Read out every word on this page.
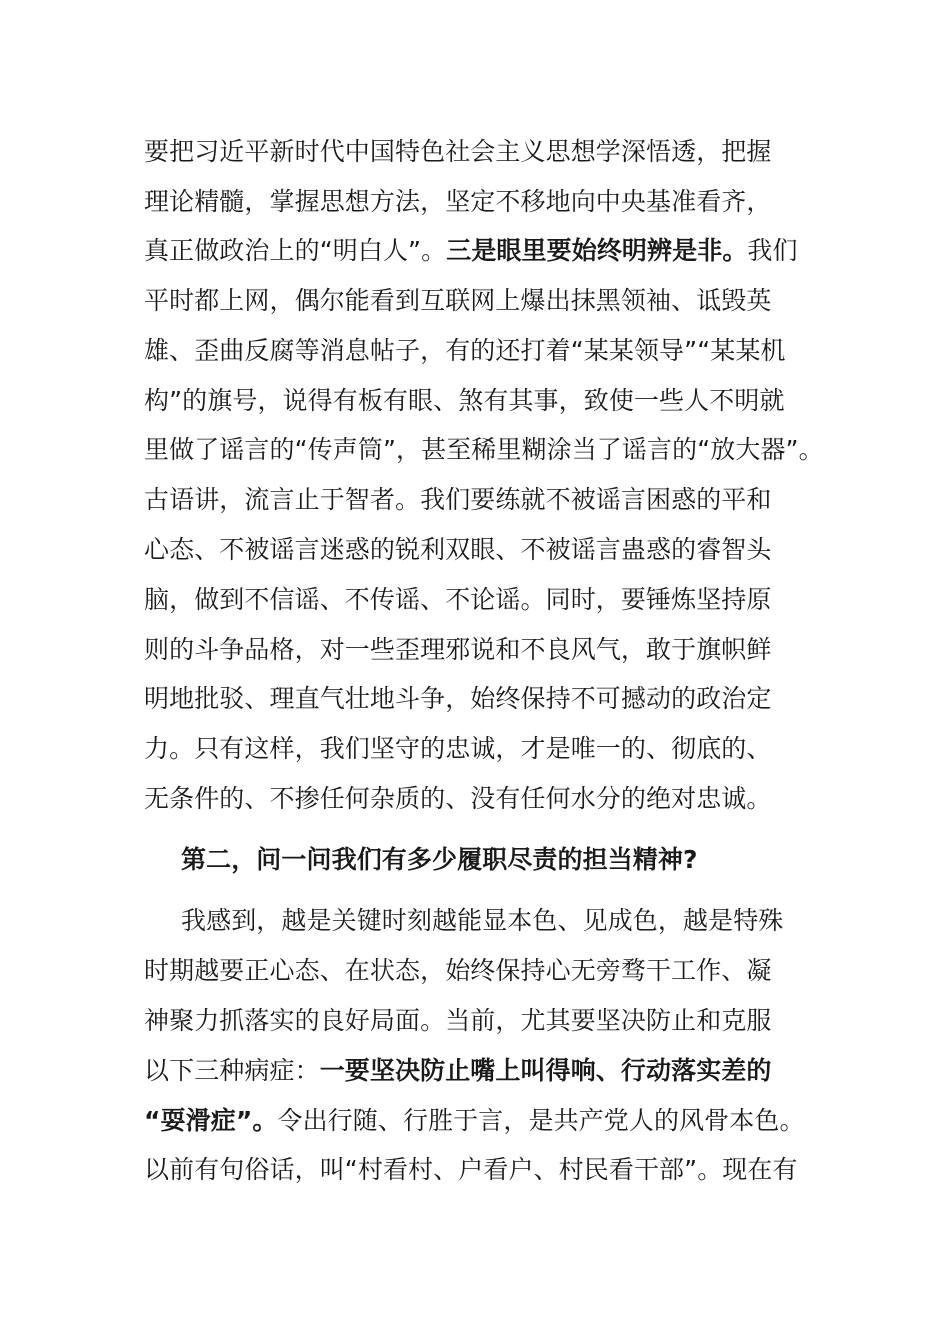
要把习近平新时代中国特色社会主义思想学深悟透，把握
理论精髓，掌握思想方法，坚定不移地向中央基准看齐，
真正做政治上的“明白人”。三是眼里要始终明辨是非。我们
平时都上网，偶尔能看到互联网上爆出抹黑领袖、诋毁英
雄、歪曲反腐等消息帖子，有的还打着“某某领导”“某某机
构”的旗号，说得有板有眼、煞有其事，致使一些人不明就
里做了谣言的“传声筒”，甚至稀里糊涂当了谣言的“放大器”。
古语讲，流言止于智者。我们要练就不被谣言困惑的平和
心态、不被谣言迷惑的锐利双眼、不被谣言蛊惑的睿智头
脑，做到不信谣、不传谣、不论谣。同时，要锤炼坚持原
则的斗争品格，对一些歪理邪说和不良风气，敢于旗帜鲜
明地批驳、理直气壮地斗争，始终保持不可撼动的政治定
力。只有这样，我们坚守的忠诚，才是唯一的、彻底的、
无条件的、不掺任何杂质的、没有任何水分的绝对忠诚。
第二，问一问我们有多少履职尽责的担当精神?
我感到，越是关键时刻越能显本色、见成色，越是特殊
时期越要正心态、在状态，始终保持心无旁骛干工作、凝
神聚力抓落实的良好局面。当前，尤其要坚决防止和克服
以下三种病症：一要坚决防止嘴上叫得响、行动落实差的
“耍滑症”。令出行随、行胜于言，是共产党人的风骨本色。
以前有句俗话，叫“村看村、户看户、村民看干部”。现在有
